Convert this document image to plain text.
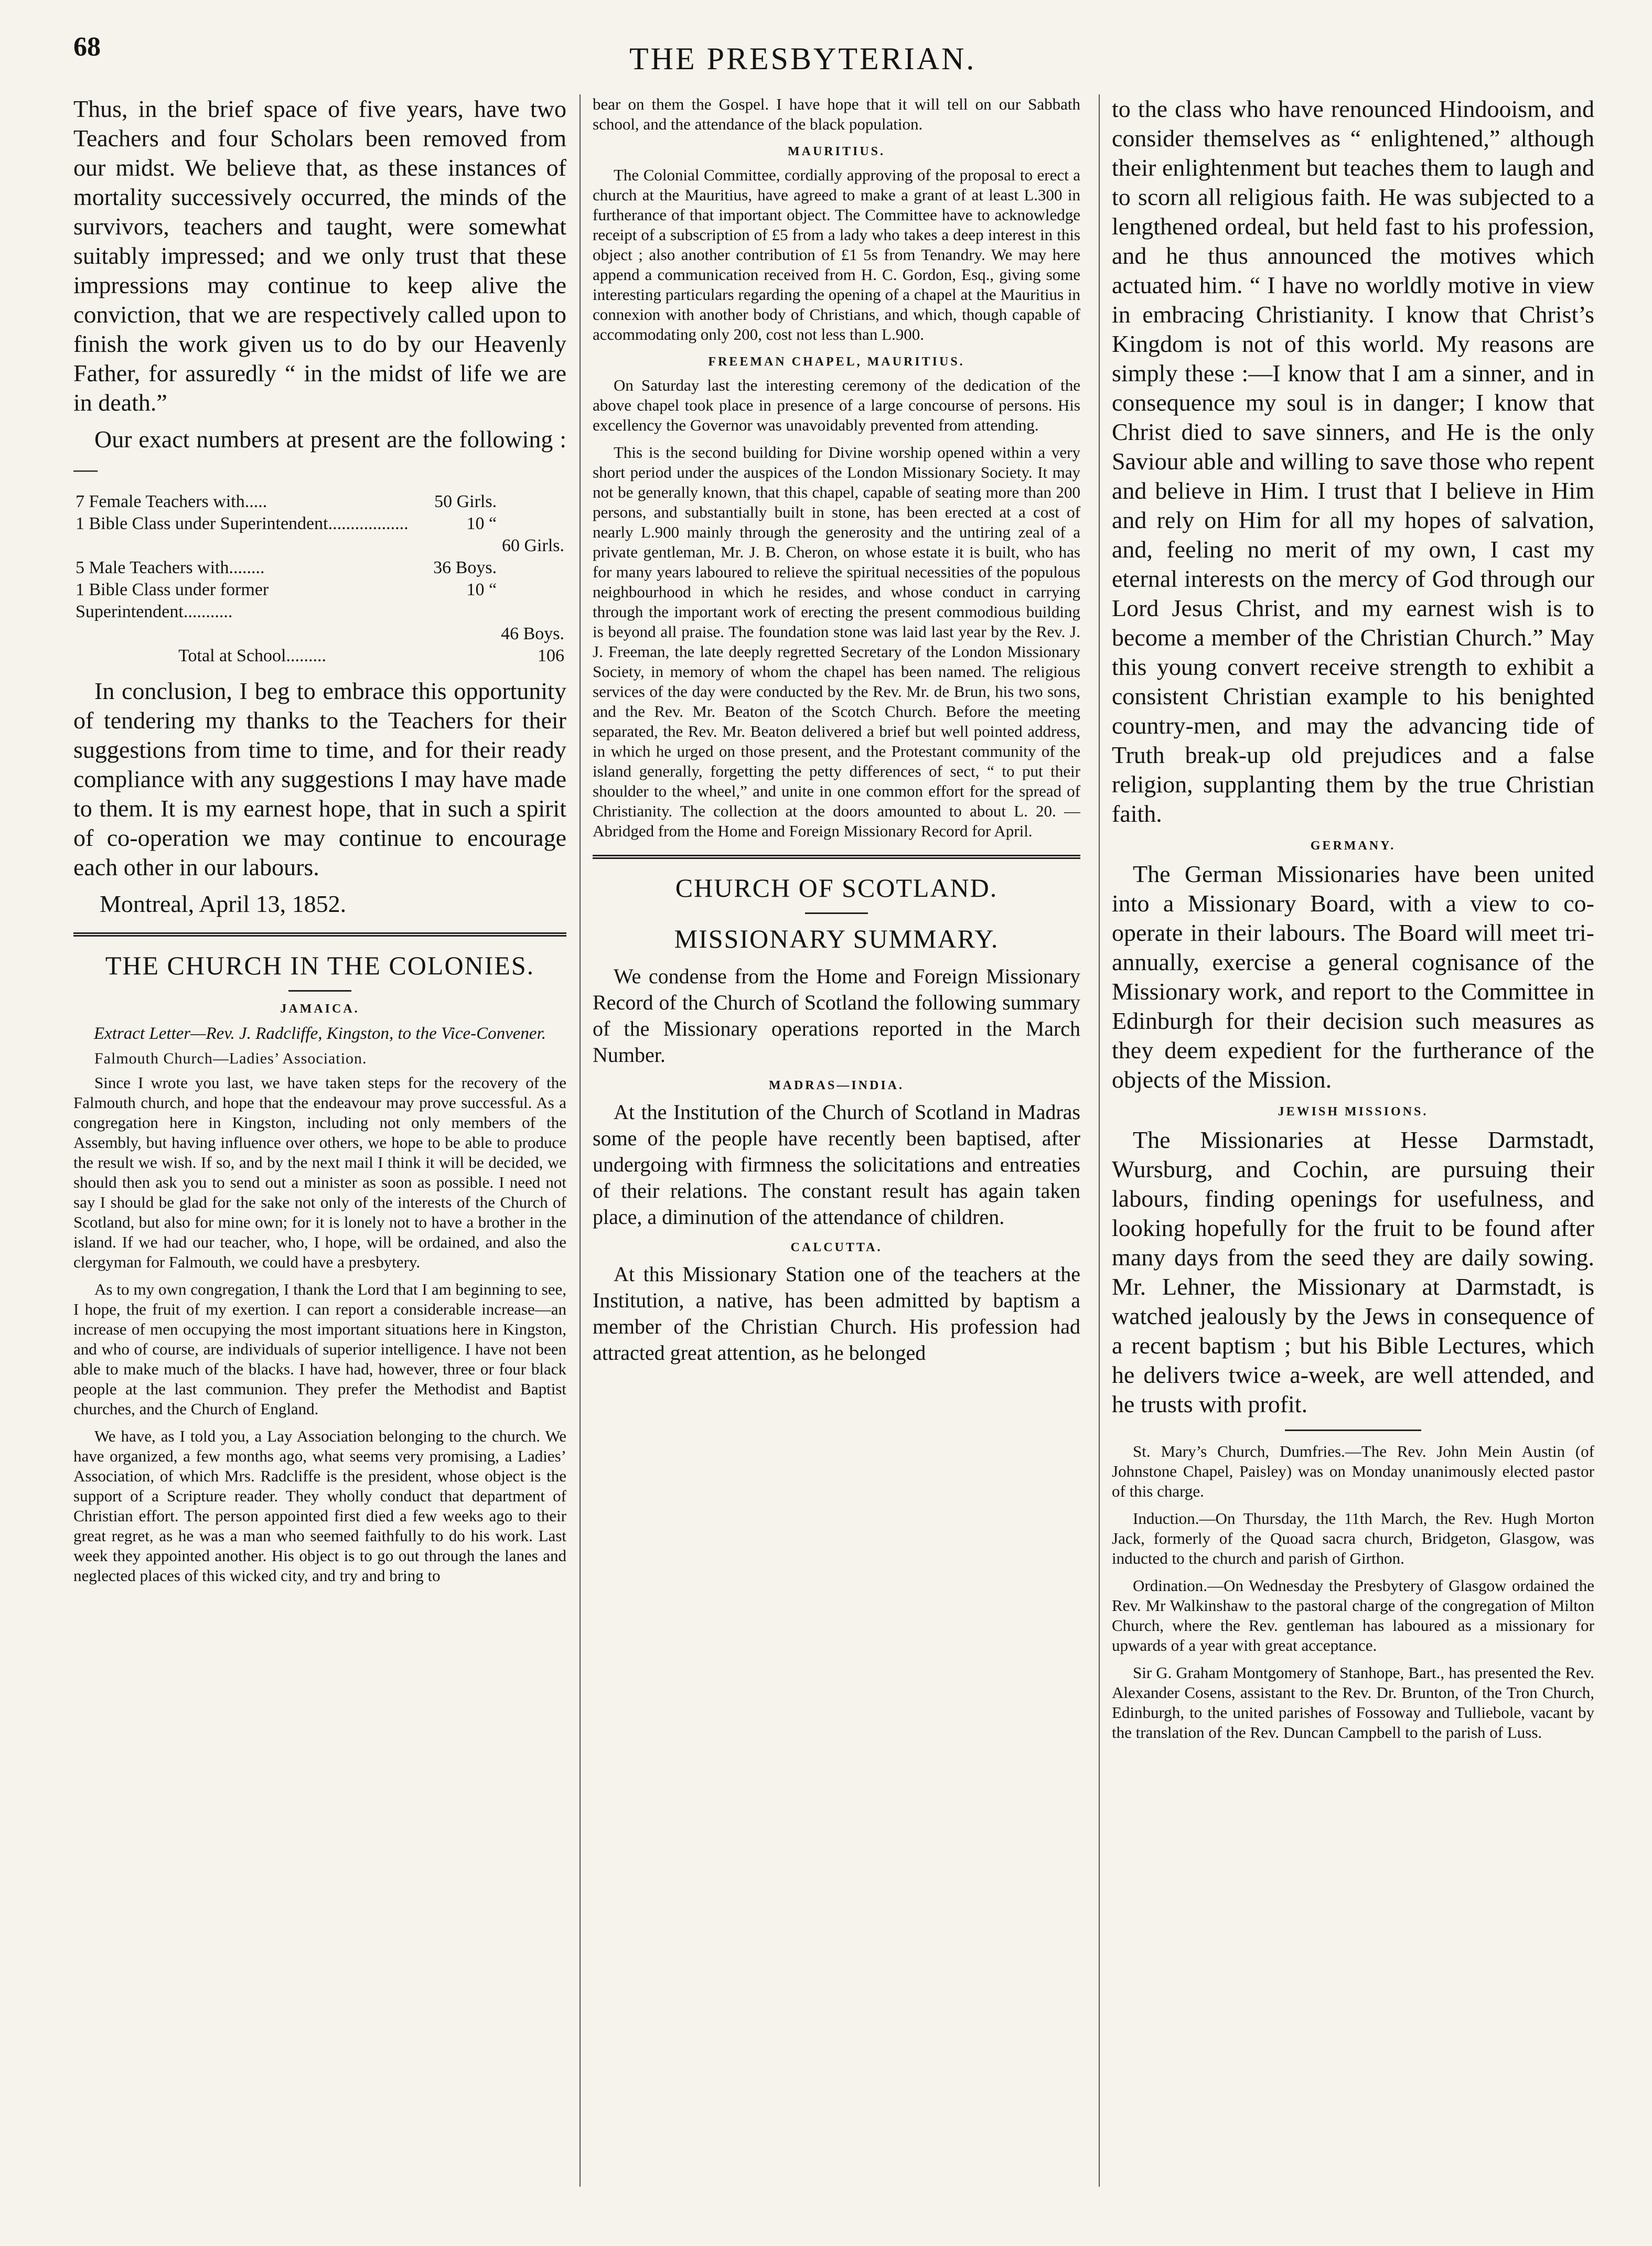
68	THE PRESBYTERIAN.

Thus, in the brief space of five years, have two Teachers and four Scholars been removed from our midst. We believe that, as these instances of mortality successively occurred, the minds of the survivors, teachers and taught, were somewhat suitably impressed; and we only trust that these impressions may continue to keep alive the conviction, that we are respectively called upon to finish the work given us to do by our Heavenly Father, for assuredly “ in the midst of life we are in death.”

Our exact numbers at present are the following :—

7 Female Teachers with.....	50 Girls.	
1 Bible Class under Superintendent..................	10 “	
		60 Girls.
5 Male Teachers with........	36 Boys.	
1 Bible Class under former Superintendent...........	10 “	
		46 Boys.
Total at School.........		106

In conclusion, I beg to embrace this opportunity of tendering my thanks to the Teachers for their suggestions from time to time, and for their ready compliance with any suggestions I may have made to them. It is my earnest hope, that in such a spirit of co-operation we may continue to encourage each other in our labours.

Montreal, April 13, 1852.

THE CHURCH IN THE COLONIES.
JAMAICA.
Extract Letter—Rev. J. Radcliffe, Kingston, to the Vice-Convener.
Falmouth Church—Ladies’ Association.

Since I wrote you last, we have taken steps for the recovery of the Falmouth church, and hope that the endeavour may prove successful. As a congregation here in Kingston, including not only members of the Assembly, but having influence over others, we hope to be able to produce the result we wish. If so, and by the next mail I think it will be decided, we should then ask you to send out a minister as soon as possible. I need not say I should be glad for the sake not only of the interests of the Church of Scotland, but also for mine own; for it is lonely not to have a brother in the island. If we had our teacher, who, I hope, will be ordained, and also the clergyman for Falmouth, we could have a presbytery.

As to my own congregation, I thank the Lord that I am beginning to see, I hope, the fruit of my exertion. I can report a considerable increase—an increase of men occupying the most important situations here in Kingston, and who of course, are individuals of superior intelligence. I have not been able to make much of the blacks. I have had, however, three or four black people at the last communion. They prefer the Methodist and Baptist churches, and the Church of England.

We have, as I told you, a Lay Association belonging to the church. We have organized, a few months ago, what seems very promising, a Ladies’ Association, of which Mrs. Radcliffe is the president, whose object is the support of a Scripture reader. They wholly conduct that department of Christian effort. The person appointed first died a few weeks ago to their great regret, as he was a man who seemed faithfully to do his work. Last week they appointed another. His object is to go out through the lanes and neglected places of this wicked city, and try and bring to

bear on them the Gospel. I have hope that it will tell on our Sabbath school, and the attendance of the black population.

MAURITIUS.

The Colonial Committee, cordially approving of the proposal to erect a church at the Mauritius, have agreed to make a grant of at least L.300 in furtherance of that important object. The Committee have to acknowledge receipt of a subscription of £5 from a lady who takes a deep interest in this object ; also another contribution of £1 5s from Tenandry. We may here append a communication received from H. C. Gordon, Esq., giving some interesting particulars regarding the opening of a chapel at the Mauritius in connexion with another body of Christians, and which, though capable of accommodating only 200, cost not less than L.900.

FREEMAN CHAPEL, MAURITIUS.

On Saturday last the interesting ceremony of the dedication of the above chapel took place in presence of a large concourse of persons. His excellency the Governor was unavoidably prevented from attending.

This is the second building for Divine worship opened within a very short period under the auspices of the London Missionary Society. It may not be generally known, that this chapel, capable of seating more than 200 persons, and substantially built in stone, has been erected at a cost of nearly L.900 mainly through the generosity and the untiring zeal of a private gentleman, Mr. J. B. Cheron, on whose estate it is built, who has for many years laboured to relieve the spiritual necessities of the populous neighbourhood in which he resides, and whose conduct in carrying through the important work of erecting the present commodious building is beyond all praise. The foundation stone was laid last year by the Rev. J. J. Freeman, the late deeply regretted Secretary of the London Missionary Society, in memory of whom the chapel has been named. The religious services of the day were conducted by the Rev. Mr. de Brun, his two sons, and the Rev. Mr. Beaton of the Scotch Church. Before the meeting separated, the Rev. Mr. Beaton delivered a brief but well pointed address, in which he urged on those present, and the Protestant community of the island generally, forgetting the petty differences of sect, “ to put their shoulder to the wheel,” and unite in one common effort for the spread of Christianity. The collection at the doors amounted to about L. 20. —Abridged from the Home and Foreign Missionary Record for April.

CHURCH OF SCOTLAND.
MISSIONARY SUMMARY.

We condense from the Home and Foreign Missionary Record of the Church of Scotland the following summary of the Missionary operations reported in the March Number.

MADRAS—INDIA.

At the Institution of the Church of Scotland in Madras some of the people have recently been baptised, after undergoing with firmness the solicitations and entreaties of their relations. The constant result has again taken place, a diminution of the attendance of children.

CALCUTTA.

At this Missionary Station one of the teachers at the Institution, a native, has been admitted by baptism a member of the Christian Church. His profession had attracted great attention, as he belonged

to the class who have renounced Hindooism, and consider themselves as “ enlightened,” although their enlightenment but teaches them to laugh and to scorn all religious faith. He was subjected to a lengthened ordeal, but held fast to his profession, and he thus announced the motives which actuated him. “ I have no worldly motive in view in embracing Christianity. I know that Christ’s Kingdom is not of this world. My reasons are simply these :—I know that I am a sinner, and in consequence my soul is in danger; I know that Christ died to save sinners, and He is the only Saviour able and willing to save those who repent and believe in Him. I trust that I believe in Him and rely on Him for all my hopes of salvation, and, feeling no merit of my own, I cast my eternal interests on the mercy of God through our Lord Jesus Christ, and my earnest wish is to become a member of the Christian Church.” May this young convert receive strength to exhibit a consistent Christian example to his benighted country-men, and may the advancing tide of Truth break-up old prejudices and a false religion, supplanting them by the true Christian faith.

GERMANY.

The German Missionaries have been united into a Missionary Board, with a view to co-operate in their labours. The Board will meet tri-annually, exercise a general cognisance of the Missionary work, and report to the Committee in Edinburgh for their decision such measures as they deem expedient for the furtherance of the objects of the Mission.

JEWISH MISSIONS.

The Missionaries at Hesse Darmstadt, Wursburg, and Cochin, are pursuing their labours, finding openings for usefulness, and looking hopefully for the fruit to be found after many days from the seed they are daily sowing. Mr. Lehner, the Missionary at Darmstadt, is watched jealously by the Jews in consequence of a recent baptism ; but his Bible Lectures, which he delivers twice a-week, are well attended, and he trusts with profit.

St. Mary’s Church, Dumfries.—The Rev. John Mein Austin (of Johnstone Chapel, Paisley) was on Monday unanimously elected pastor of this charge.

Induction.—On Thursday, the 11th March, the Rev. Hugh Morton Jack, formerly of the Quoad sacra church, Bridgeton, Glasgow, was inducted to the church and parish of Girthon.

Ordination.—On Wednesday the Presbytery of Glasgow ordained the Rev. Mr Walkinshaw to the pastoral charge of the congregation of Milton Church, where the Rev. gentleman has laboured as a missionary for upwards of a year with great acceptance.

Sir G. Graham Montgomery of Stanhope, Bart., has presented the Rev. Alexander Cosens, assistant to the Rev. Dr. Brunton, of the Tron Church, Edinburgh, to the united parishes of Fossoway and Tulliebole, vacant by the translation of the Rev. Duncan Campbell to the parish of Luss.
